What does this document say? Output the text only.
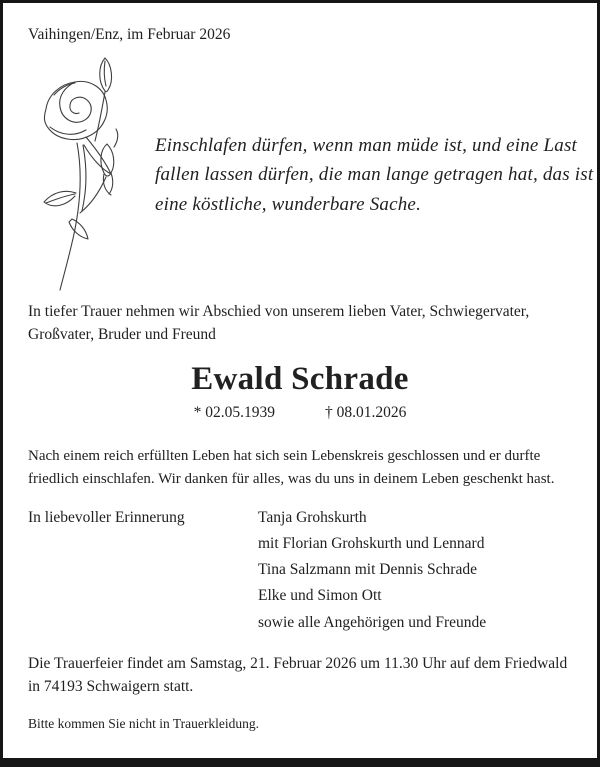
Vaihingen/Enz, im Februar 2026
Einschlafen dürfen, wenn man müde ist, und eine Last
fallen lassen dürfen, die man lange getragen hat, das ist
eine köstliche, wunderbare Sache.

In tiefer Trauer nehmen wir Abschied von unserem lieben Vater, Schwiegervater, Großvater, Bruder und Freund

Ewald Schrade
* 02.05.1939	† 08.01.2026

Nach einem reich erfüllten Leben hat sich sein Lebenskreis geschlossen und er durfte friedlich einschlafen. Wir danken für alles, was du uns in deinem Leben geschenkt hast.

In liebevoller Erinnerung	Tanja Grohskurth
mit Florian Grohskurth und Lennard
Tina Salzmann mit Dennis Schrade
Elke und Simon Ott
sowie alle Angehörigen und Freunde

Die Trauerfeier findet am Samstag, 21. Februar 2026 um 11.30 Uhr auf dem Friedwald in 74193 Schwaigern statt.

Bitte kommen Sie nicht in Trauerkleidung.
